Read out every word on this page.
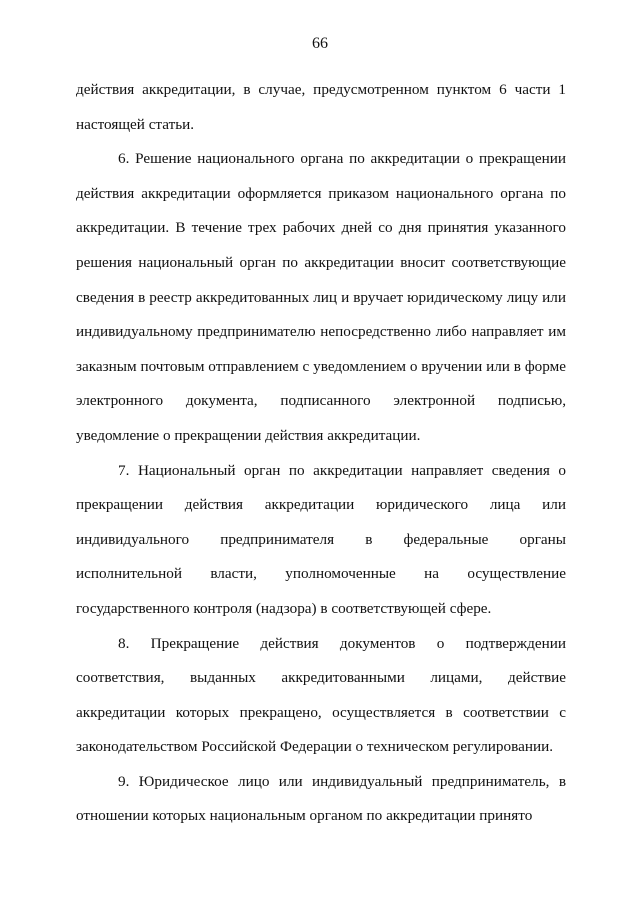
66

действия аккредитации, в случае, предусмотренном пунктом 6 части 1 настоящей статьи.

6. Решение национального органа по аккредитации о прекращении действия аккредитации оформляется приказом национального органа по аккредитации. В течение трех рабочих дней со дня принятия указанного решения национальный орган по аккредитации вносит соответствующие сведения в реестр аккредитованных лиц и вручает юридическому лицу или индивидуальному предпринимателю непосредственно либо направляет им заказным почтовым отправлением с уведомлением о вручении или в форме электронного документа, подписанного электронной подписью, уведомление о прекращении действия аккредитации.

7. Национальный орган по аккредитации направляет сведения о прекращении действия аккредитации юридического лица или индивидуального предпринимателя в федеральные органы исполнительной власти, уполномоченные на осуществление государственного контроля (надзора) в соответствующей сфере.

8. Прекращение действия документов о подтверждении соответствия, выданных аккредитованными лицами, действие аккредитации которых прекращено, осуществляется в соответствии с законодательством Российской Федерации о техническом регулировании.

9. Юридическое лицо или индивидуальный предприниматель, в отношении которых национальным органом по аккредитации принято
